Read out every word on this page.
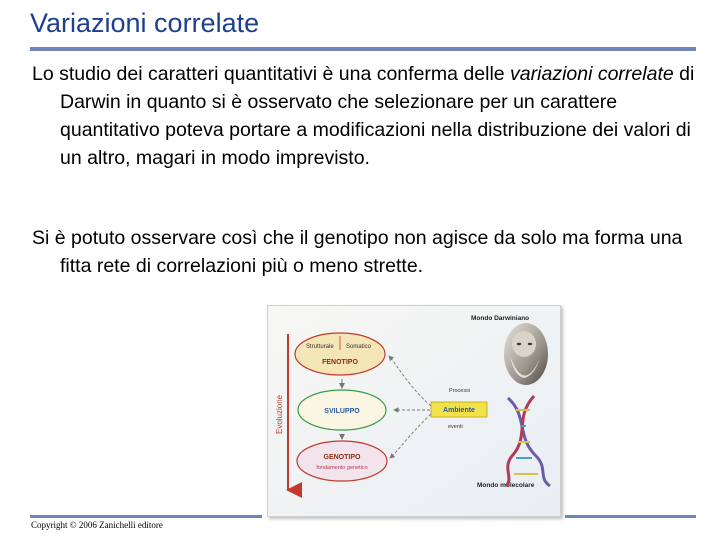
Variazioni correlate

Lo studio dei caratteri quantitativi è una conferma delle variazioni correlate di Darwin in quanto si è osservato che selezionare per un carattere quantitativo poteva portare a modificazioni nella distribuzione dei valori di un altro, magari in modo imprevisto.

Si è potuto osservare così che il genotipo non agisce da solo ma forma una fitta rete di correlazioni più o meno strette.

Mondo Darwiniano
Mondo molecolare
Evoluzione
Strutturale Somatico
FENOTIPO
SVILUPPO
GENOTIPO
fondamento genetico
Ambiente
Processi
eventi
Copyright © 2006 Zanichelli editore
